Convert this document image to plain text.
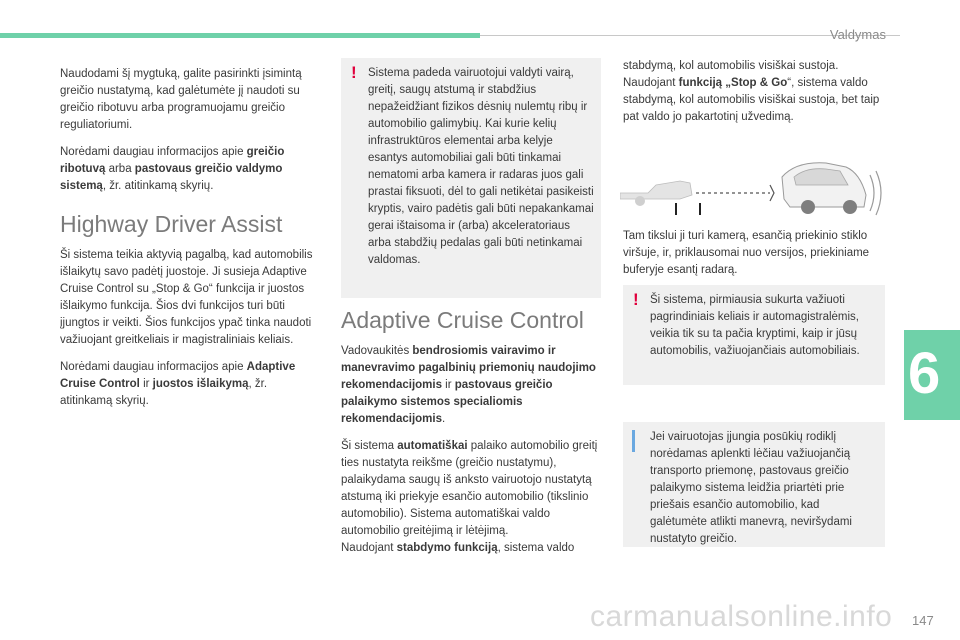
Valdymas

Naudodami šį mygtuką, galite pasirinkti įsimintą greičio nustatymą, kad galėtumėte jį naudoti su greičio ribotuvu arba programuojamu greičio reguliatoriumi.

Norėdami daugiau informacijos apie greičio ribotuvą arba pastovaus greičio valdymo sistemą, žr. atitinkamą skyrių.

Highway Driver Assist

Ši sistema teikia aktyvią pagalbą, kad automobilis išlaikytų savo padėtį juostoje. Ji susieja Adaptive Cruise Control su „Stop & Go“ funkcija ir juostos išlaikymo funkcija. Šios dvi funkcijos turi būti įjungtos ir veikti. Šios funkcijos ypač tinka naudoti važiuojant greitkeliais ir magistraliniais keliais.

Norėdami daugiau informacijos apie Adaptive Cruise Control ir juostos išlaikymą, žr. atitinkamą skyrių.

! Sistema padeda vairuotojui valdyti vairą, greitį, saugų atstumą ir stabdžius nepažeidžiant fizikos dėsnių nulemtų ribų ir automobilio galimybių. Kai kurie kelių infrastruktūros elementai arba kelyje esantys automobiliai gali būti tinkamai nematomi arba kamera ir radaras juos gali prastai fiksuoti, dėl to gali netikėtai pasikeisti kryptis, vairo padėtis gali būti nepakankamai gerai ištaisoma ir (arba) akceleratoriaus arba stabdžių pedalas gali būti netinkamai valdomas.
Adaptive Cruise Control

Vadovaukitės bendrosiomis vairavimo ir manevravimo pagalbinių priemonių naudojimo rekomendacijomis ir pastovaus greičio palaikymo sistemos specialiomis rekomendacijomis.

Ši sistema automatiškai palaiko automobilio greitį ties nustatyta reikšme (greičio nustatymu), palaikydama saugų iš anksto vairuotojo nustatytą atstumą iki priekyje esančio automobilio (tikslinio automobilio). Sistema automatiškai valdo automobilio greitėjimą ir lėtėjimą.
Naudojant stabdymo funkciją, sistema valdo

stabdymą, kol automobilis visiškai sustoja. Naudojant funkciją „Stop & Go“, sistema valdo stabdymą, kol automobilis visiškai sustoja, bet taip pat valdo jo pakartotinį užvedimą.

Tam tikslui ji turi kamerą, esančią priekinio stiklo viršuje, ir, priklausomai nuo versijos, priekiniame buferyje esantį radarą.

! Ši sistema, pirmiausia sukurta važiuoti pagrindiniais keliais ir automagistralėmis, veikia tik su ta pačia kryptimi, kaip ir jūsų automobilis, važiuojančiais automobiliais.
Jei vairuotojas įjungia posūkių rodiklį norėdamas aplenkti lėčiau važiuojančią transporto priemonę, pastovaus greičio palaikymo sistema leidžia priartėti prie priešais esančio automobilio, kad galėtumėte atlikti manevrą, neviršydami nustatyto greičio.
6
carmanualsonline.info 147
